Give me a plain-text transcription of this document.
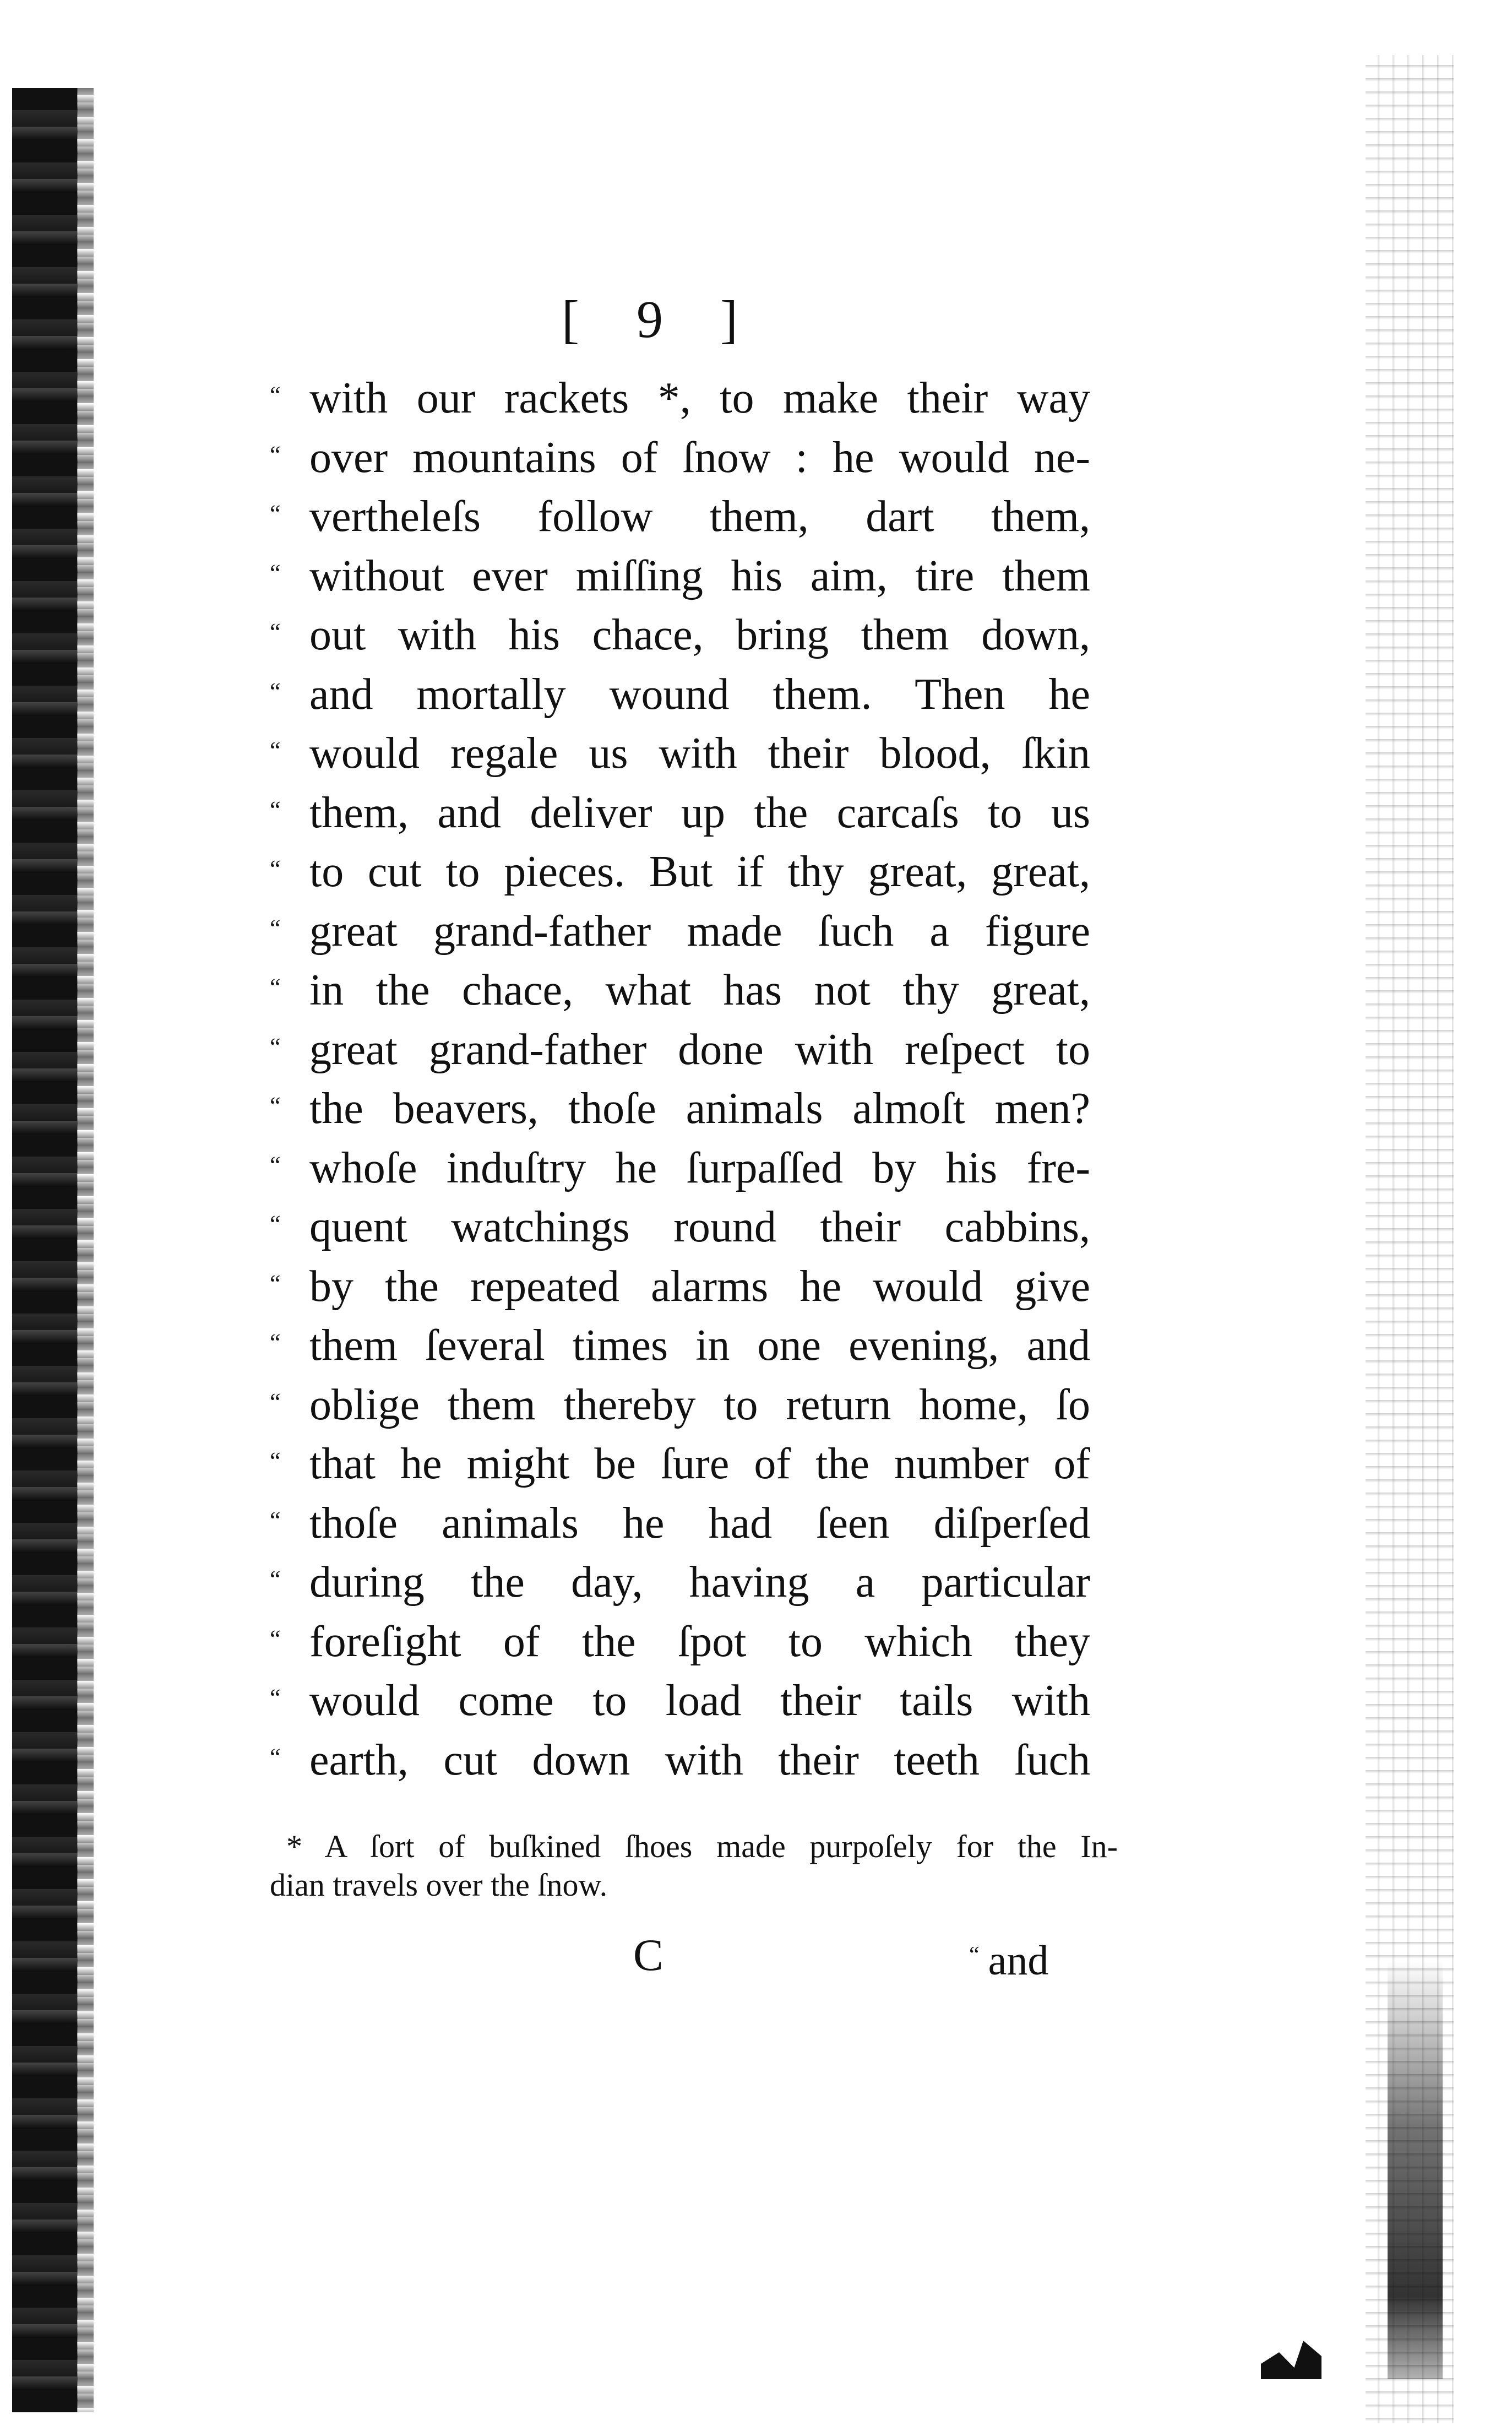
[ 9 ]
“ with our rackets *, to make their way
“ over mountains of ſnow : he would ne-
“ vertheleſs follow them, dart them,
“ without ever miſſing his aim, tire them
“ out with his chace, bring them down,
“ and mortally wound them. Then he
“ would regale us with their blood, ſkin
“ them, and deliver up the carcaſs to us
“ to cut to pieces. But if thy great, great,
“ great grand-father made ſuch a figure
“ in the chace, what has not thy great,
“ great grand-father done with reſpect to
“ the beavers, thoſe animals almoſt men?
“ whoſe induſtry he ſurpaſſed by his fre-
“ quent watchings round their cabbins,
“ by the repeated alarms he would give
“ them ſeveral times in one evening, and
“ oblige them thereby to return home, ſo
“ that he might be ſure of the number of
“ thoſe animals he had ſeen diſperſed
“ during the day, having a particular
“ foreſight of the ſpot to which they
“ would come to load their tails with
“ earth, cut down with their teeth ſuch
* A ſort of buſkined ſhoes made purpoſely for the In-
dian travels over the ſnow.
C	“ and
